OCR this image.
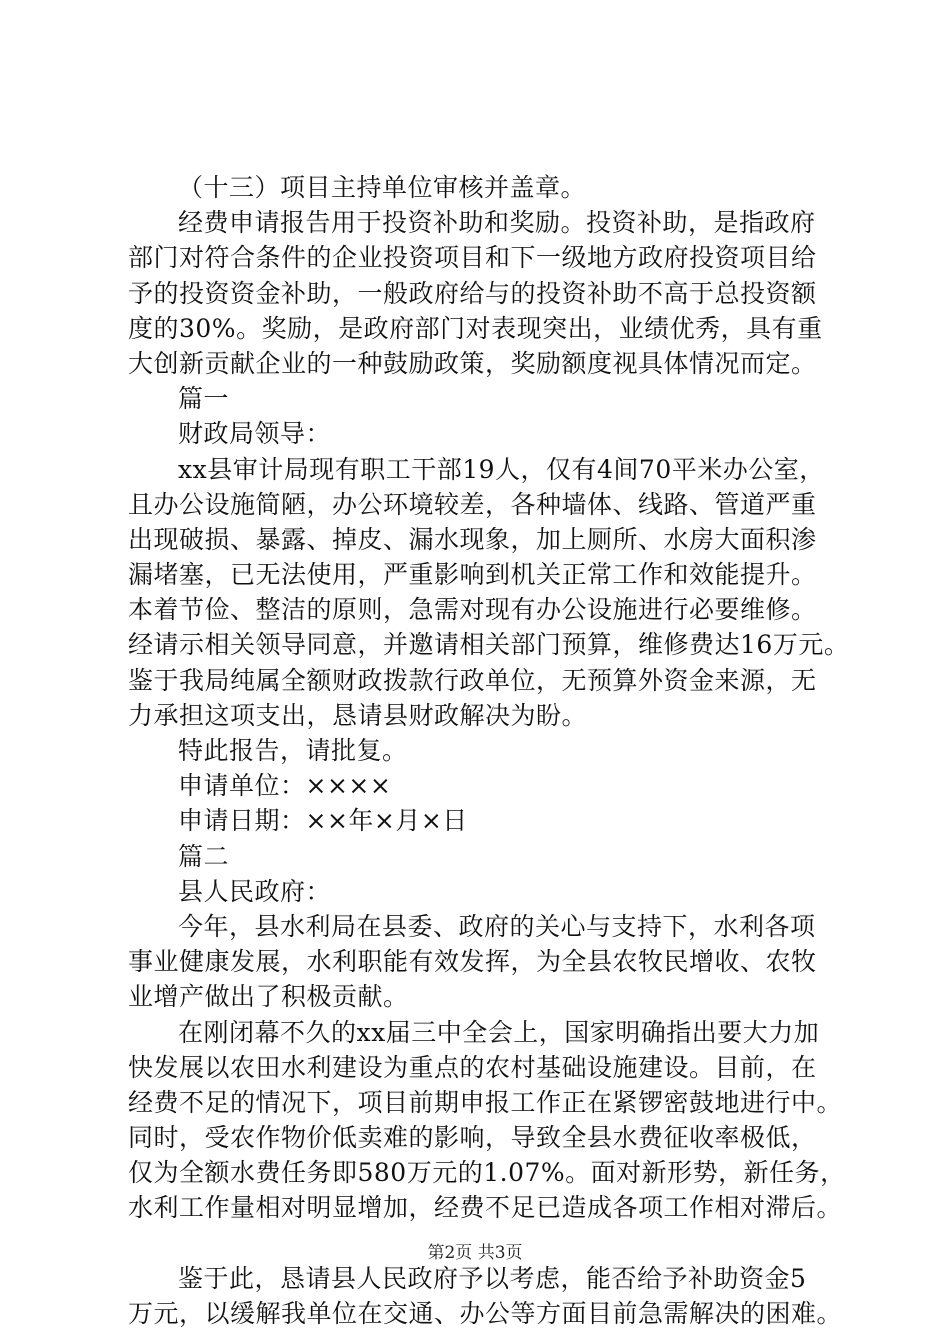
（十三）项目主持单位审核并盖章。
经费申请报告用于投资补助和奖励。投资补助，是指政府
部门对符合条件的企业投资项目和下一级地方政府投资项目给
予的投资资金补助，一般政府给与的投资补助不高于总投资额
度的30%。奖励，是政府部门对表现突出，业绩优秀，具有重
大创新贡献企业的一种鼓励政策，奖励额度视具体情况而定。
篇一
财政局领导：
xx县审计局现有职工干部19人，仅有4间70平米办公室，
且办公设施简陋，办公环境较差，各种墙体、线路、管道严重
出现破损、暴露、掉皮、漏水现象，加上厕所、水房大面积渗
漏堵塞，已无法使用，严重影响到机关正常工作和效能提升。
本着节俭、整洁的原则，急需对现有办公设施进行必要维修。
经请示相关领导同意，并邀请相关部门预算，维修费达16万元。
鉴于我局纯属全额财政拨款行政单位，无预算外资金来源，无
力承担这项支出，恳请县财政解决为盼。
特此报告，请批复。
申请单位：××××
申请日期：××年×月×日
篇二
县人民政府：
今年，县水利局在县委、政府的关心与支持下，水利各项
事业健康发展，水利职能有效发挥，为全县农牧民增收、农牧
业增产做出了积极贡献。
在刚闭幕不久的xx届三中全会上，国家明确指出要大力加
快发展以农田水利建设为重点的农村基础设施建设。目前，在
经费不足的情况下，项目前期申报工作正在紧锣密鼓地进行中。
同时，受农作物价低卖难的影响，导致全县水费征收率极低，
仅为全额水费任务即580万元的1.07%。面对新形势，新任务，
水利工作量相对明显增加，经费不足已造成各项工作相对滞后。
鉴于此，恳请县人民政府予以考虑，能否给予补助资金5
万元，以缓解我单位在交通、办公等方面目前急需解决的困难。
第2页 共3页
